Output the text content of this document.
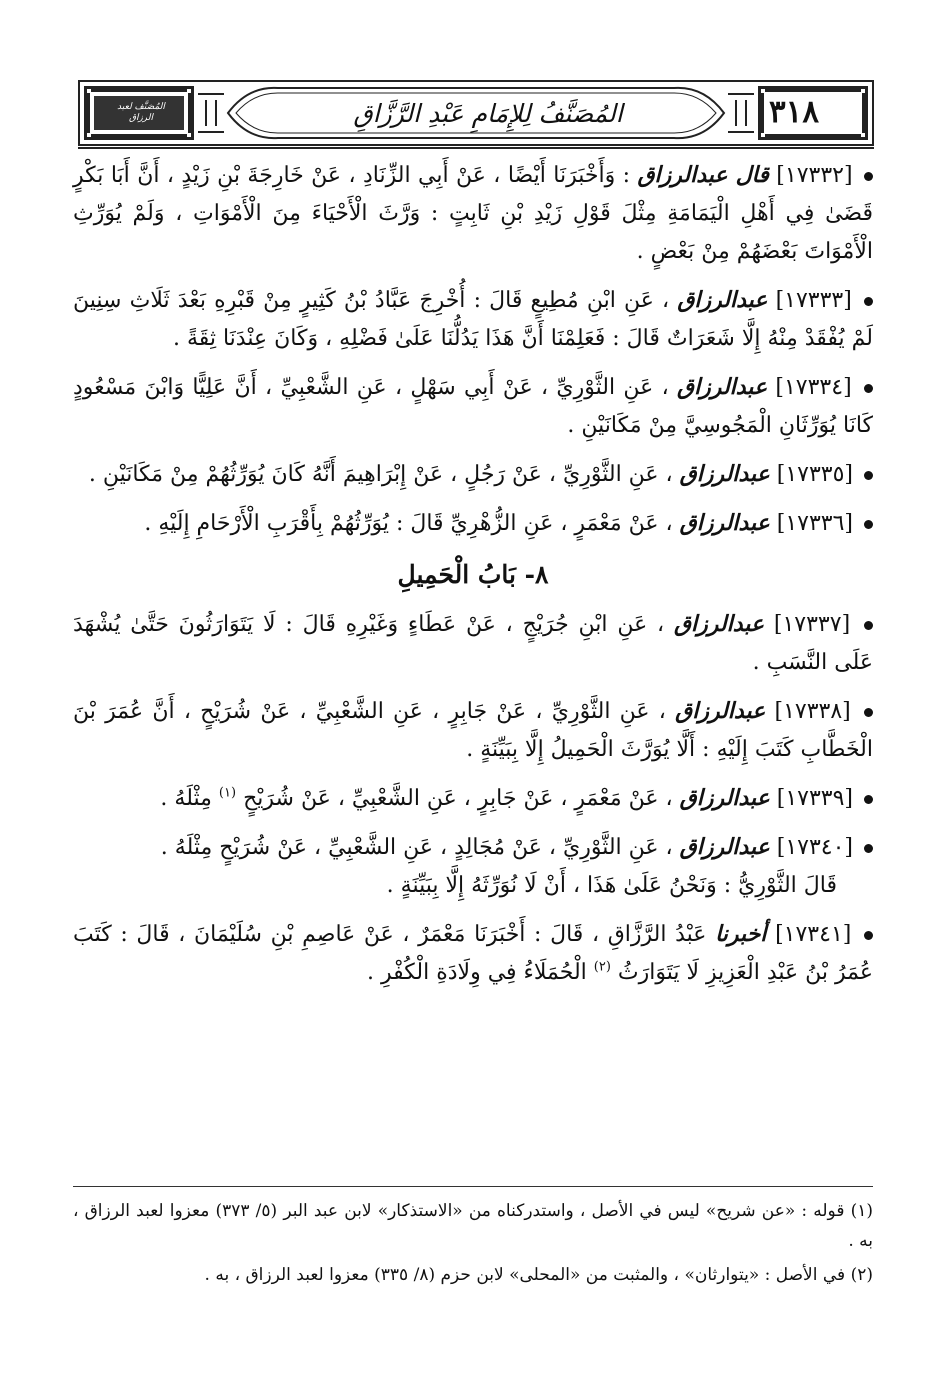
٣١٨
المُصَنَّفُ لِلإِمَامِ عَبْدِ الرَّزَّاقِ
المُصَنَّف لعبد الرزاق

[١٧٣٣٢] قال عبدالرزاق : وَأَخْبَرَنَا أَيْضًا ، عَنْ أَبِي الزِّنَادِ ، عَنْ خَارِجَةَ بْنِ زَيْدٍ ، أَنَّ أَبَا بَكْرٍ قَضَىٰ فِي أَهْلِ الْيَمَامَةِ مِثْلَ قَوْلِ زَيْدِ بْنِ ثَابِتٍ : وَرَّثَ الْأَحْيَاءَ مِنَ الْأَمْوَاتِ ، وَلَمْ يُوَرِّثِ الْأَمْوَاتَ بَعْضَهُمْ مِنْ بَعْضٍ .

[١٧٣٣٣] عبدالرزاق ، عَنِ ابْنِ مُطِيعٍ قَالَ : أُخْرِجَ عَبَّادُ بْنُ كَثِيرٍ مِنْ قَبْرِهِ بَعْدَ ثَلَاثِ سِنِينَ لَمْ يُفْقَدْ مِنْهُ إِلَّا شَعَرَاتٌ قَالَ : فَعَلِمْنَا أَنَّ هَذَا يَدُلُّنَا عَلَىٰ فَضْلِهِ ، وَكَانَ عِنْدَنَا ثِقَةً .

[١٧٣٣٤] عبدالرزاق ، عَنِ الثَّوْرِيِّ ، عَنْ أَبِي سَهْلٍ ، عَنِ الشَّعْبِيِّ ، أَنَّ عَلِيًّا وَابْنَ مَسْعُودٍ كَانَا يُوَرِّثَانِ الْمَجُوسِيَّ مِنْ مَكَانَيْنِ .

[١٧٣٣٥] عبدالرزاق ، عَنِ الثَّوْرِيِّ ، عَنْ رَجُلٍ ، عَنْ إِبْرَاهِيمَ أَنَّهُ كَانَ يُوَرِّثُهُمْ مِنْ مَكَانَيْنِ .

[١٧٣٣٦] عبدالرزاق ، عَنْ مَعْمَرٍ ، عَنِ الزُّهْرِيِّ قَالَ : يُوَرِّثُهُمْ بِأَقْرَبِ الْأَرْحَامِ إِلَيْهِ .

٨- بَابُ الْحَمِيلِ

[١٧٣٣٧] عبدالرزاق ، عَنِ ابْنِ جُرَيْجٍ ، عَنْ عَطَاءٍ وَغَيْرِهِ قَالَ : لَا يَتَوَارَثُونَ حَتَّىٰ يُشْهَدَ عَلَى النَّسَبِ .

[١٧٣٣٨] عبدالرزاق ، عَنِ الثَّوْرِيِّ ، عَنْ جَابِرٍ ، عَنِ الشَّعْبِيِّ ، عَنْ شُرَيْحٍ ، أَنَّ عُمَرَ بْنَ الْخَطَّابِ كَتَبَ إِلَيْهِ : أَلَّا يُوَرَّثَ الْحَمِيلُ إِلَّا بِبَيِّنَةٍ .

[١٧٣٣٩] عبدالرزاق ، عَنْ مَعْمَرٍ ، عَنْ جَابِرٍ ، عَنِ الشَّعْبِيِّ ، عَنْ شُرَيْحٍ $^{(١)}$ مِثْلَهُ .

[١٧٣٤٠] عبدالرزاق ، عَنِ الثَّوْرِيِّ ، عَنْ مُجَالِدٍ ، عَنِ الشَّعْبِيِّ ، عَنْ شُرَيْحٍ مِثْلَهُ .
قَالَ الثَّوْرِيُّ : وَنَحْنُ عَلَىٰ هَذَا ، أَنْ لَا نُوَرِّثَهُ إِلَّا بِبَيِّنَةٍ .

[١٧٣٤١] أخبرنا عَبْدُ الرَّزَّاقِ ، قَالَ : أَخْبَرَنَا مَعْمَرٌ ، عَنْ عَاصِمِ بْنِ سُلَيْمَانَ ، قَالَ : كَتَبَ عُمَرُ بْنُ عَبْدِ الْعَزِيزِ لَا يَتَوَارَثُ $^{(٢)}$ الْحُمَلَاءُ فِي وِلَادَةِ الْكُفْرِ .

(١) قوله : «عن شريح» ليس في الأصل ، واستدركناه من «الاستذكار» لابن عبد البر (٥/ ٣٧٣) معزوا لعبد الرزاق ، به .

(٢) في الأصل : «يتوارثان» ، والمثبت من «المحلى» لابن حزم (٨/ ٣٣٥) معزوا لعبد الرزاق ، به .
